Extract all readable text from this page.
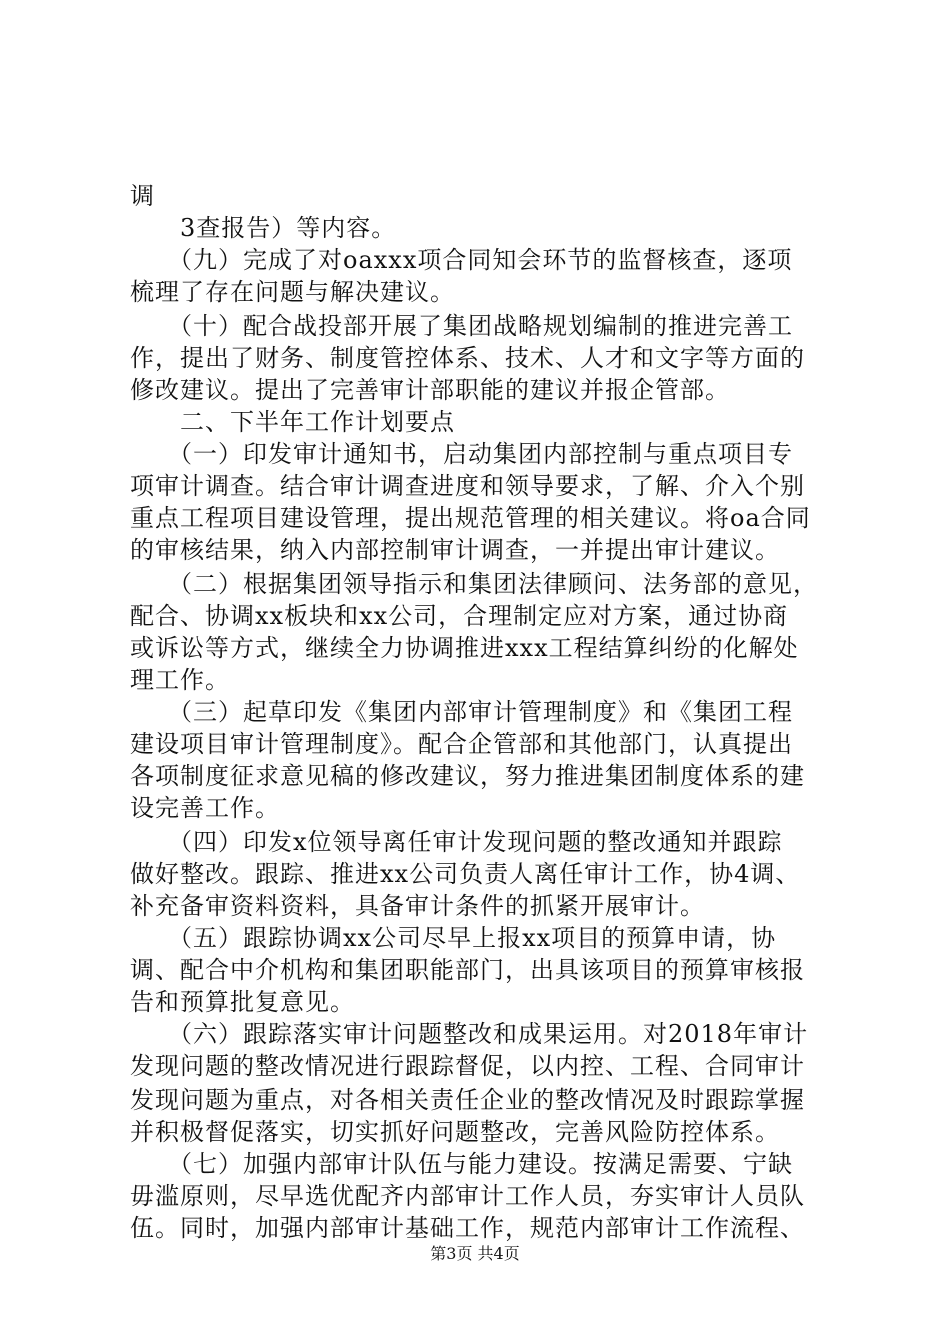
调
　　3查报告）等内容。
　　（九）完成了对oaxxx项合同知会环节的监督核查，逐项
梳理了存在问题与解决建议。
　　（十）配合战投部开展了集团战略规划编制的推进完善工
作，提出了财务、制度管控体系、技术、人才和文字等方面的
修改建议。提出了完善审计部职能的建议并报企管部。
　　二、下半年工作计划要点
　　（一）印发审计通知书，启动集团内部控制与重点项目专
项审计调查。结合审计调查进度和领导要求，了解、介入个别
重点工程项目建设管理，提出规范管理的相关建议。将oa合同
的审核结果，纳入内部控制审计调查，一并提出审计建议。
　　（二）根据集团领导指示和集团法律顾问、法务部的意见，
配合、协调xx板块和xx公司，合理制定应对方案，通过协商
或诉讼等方式，继续全力协调推进xxx工程结算纠纷的化解处
理工作。
　　（三）起草印发《集团内部审计管理制度》和《集团工程
建设项目审计管理制度》。配合企管部和其他部门，认真提出
各项制度征求意见稿的修改建议，努力推进集团制度体系的建
设完善工作。
　　（四）印发x位领导离任审计发现问题的整改通知并跟踪
做好整改。跟踪、推进xx公司负责人离任审计工作，协4调、
补充备审资料资料，具备审计条件的抓紧开展审计。
　　（五）跟踪协调xx公司尽早上报xx项目的预算申请，协
调、配合中介机构和集团职能部门，出具该项目的预算审核报
告和预算批复意见。
　　（六）跟踪落实审计问题整改和成果运用。对2018年审计
发现问题的整改情况进行跟踪督促，以内控、工程、合同审计
发现问题为重点，对各相关责任企业的整改情况及时跟踪掌握
并积极督促落实，切实抓好问题整改，完善风险防控体系。
　　（七）加强内部审计队伍与能力建设。按满足需要、宁缺
毋滥原则，尽早选优配齐内部审计工作人员，夯实审计人员队
伍。同时，加强内部审计基础工作，规范内部审计工作流程、
第3页 共4页
